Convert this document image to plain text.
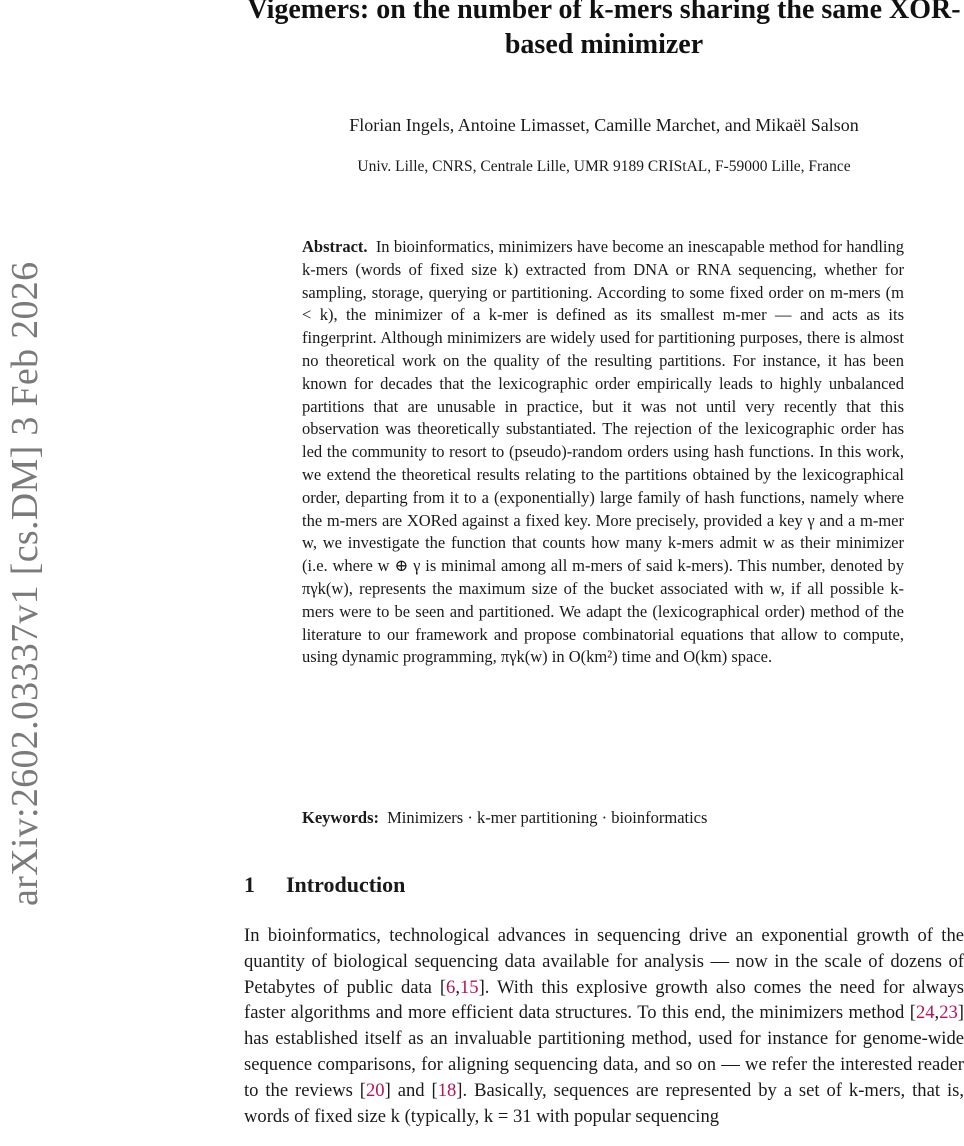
arXiv:2602.03337v1 [cs.DM] 3 Feb 2026
Vigemers: on the number of k-mers sharing the same XOR-based minimizer

Florian Ingels, Antoine Limasset, Camille Marchet, and Mikaël Salson

Univ. Lille, CNRS, Centrale Lille, UMR 9189 CRIStAL, F-59000 Lille, France

Abstract. In bioinformatics, minimizers have become an inescapable method for handling k-mers (words of fixed size k) extracted from DNA or RNA sequencing, whether for sampling, storage, querying or partitioning. According to some fixed order on m-mers (m < k), the minimizer of a k-mer is defined as its smallest m-mer — and acts as its fingerprint. Although minimizers are widely used for partitioning purposes, there is almost no theoretical work on the quality of the resulting partitions. For instance, it has been known for decades that the lexicographic order empirically leads to highly unbalanced partitions that are unusable in practice, but it was not until very recently that this observation was theoretically substantiated. The rejection of the lexicographic order has led the community to resort to (pseudo)-random orders using hash functions. In this work, we extend the theoretical results relating to the partitions obtained by the lexicographical order, departing from it to a (exponentially) large family of hash functions, namely where the m-mers are XORed against a fixed key. More precisely, provided a key γ and a m-mer w, we investigate the function that counts how many k-mers admit w as their minimizer (i.e. where w ⊕ γ is minimal among all m-mers of said k-mers). This number, denoted by πγk(w), represents the maximum size of the bucket associated with w, if all possible k-mers were to be seen and partitioned. We adapt the (lexicographical order) method of the literature to our framework and propose combinatorial equations that allow to compute, using dynamic programming, πγk(w) in O(km²) time and O(km) space.

Keywords: Minimizers · k-mer partitioning · bioinformatics

1 Introduction

In bioinformatics, technological advances in sequencing drive an exponential growth of the quantity of biological sequencing data available for analysis — now in the scale of dozens of Petabytes of public data [6,15]. With this explosive growth also comes the need for always faster algorithms and more efficient data structures. To this end, the minimizers method [24,23] has established itself as an invaluable partitioning method, used for instance for genome-wide sequence comparisons, for aligning sequencing data, and so on — we refer the interested reader to the reviews [20] and [18]. Basically, sequences are represented by a set of k-mers, that is, words of fixed size k (typically, k = 31 with popular sequencing
